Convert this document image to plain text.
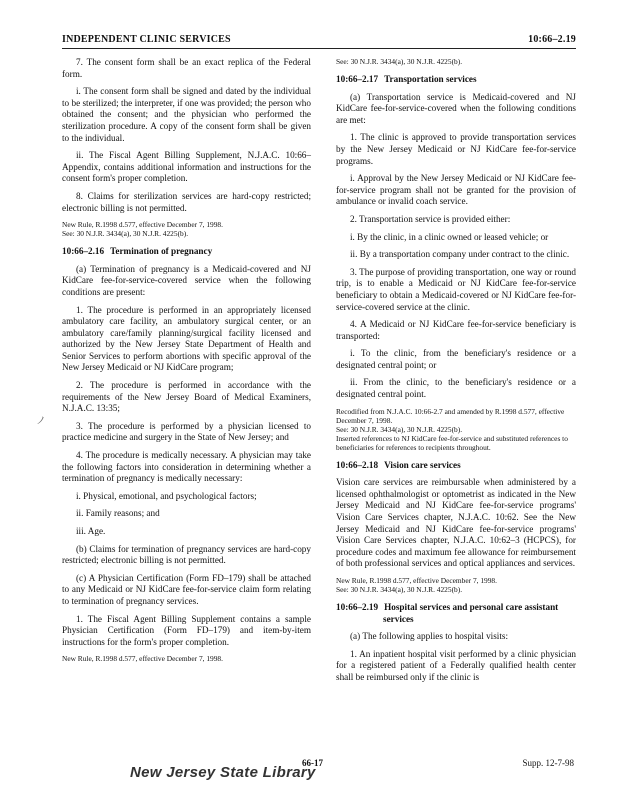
INDEPENDENT CLINIC SERVICES	10:66–2.19

7. The consent form shall be an exact replica of the Federal form.

i. The consent form shall be signed and dated by the individual to be sterilized; the interpreter, if one was provided; the person who obtained the consent; and the physician who performed the sterilization procedure. A copy of the consent form shall be given to the individual.

ii. The Fiscal Agent Billing Supplement, N.J.A.C. 10:66–Appendix, contains additional information and instructions for the consent form's proper completion.

8. Claims for sterilization services are hard-copy restricted; electronic billing is not permitted.

New Rule, R.1998 d.577, effective December 7, 1998.
See: 30 N.J.R. 3434(a), 30 N.J.R. 4225(b).
10:66–2.16 Termination of pregnancy

(a) Termination of pregnancy is a Medicaid-covered and NJ KidCare fee-for-service-covered service when the following conditions are present:

1. The procedure is performed in an appropriately licensed ambulatory care facility, an ambulatory surgical center, or an ambulatory care/family planning/surgical facility licensed and authorized by the New Jersey State Department of Health and Senior Services to perform abortions with specific approval of the New Jersey Medicaid or NJ KidCare program;

2. The procedure is performed in accordance with the requirements of the New Jersey Board of Medical Examiners, N.J.A.C. 13:35;

3. The procedure is performed by a physician licensed to practice medicine and surgery in the State of New Jersey; and

4. The procedure is medically necessary. A physician may take the following factors into consideration in determining whether a termination of pregnancy is medically necessary:

i. Physical, emotional, and psychological factors;

ii. Family reasons; and

iii. Age.

(b) Claims for termination of pregnancy services are hard-copy restricted; electronic billing is not permitted.

(c) A Physician Certification (Form FD–179) shall be attached to any Medicaid or NJ KidCare fee-for-service claim form relating to termination of pregnancy services.

1. The Fiscal Agent Billing Supplement contains a sample Physician Certification (Form FD–179) and item-by-item instructions for the form's proper completion.

New Rule, R.1998 d.577, effective December 7, 1998.
See: 30 N.J.R. 3434(a), 30 N.J.R. 4225(b).
10:66–2.17 Transportation services

(a) Transportation service is Medicaid-covered and NJ KidCare fee-for-service-covered when the following conditions are met:

1. The clinic is approved to provide transportation services by the New Jersey Medicaid or NJ KidCare fee-for-service programs.

i. Approval by the New Jersey Medicaid or NJ KidCare fee-for-service program shall not be granted for the provision of ambulance or invalid coach service.

2. Transportation service is provided either:

i. By the clinic, in a clinic owned or leased vehicle; or

ii. By a transportation company under contract to the clinic.

3. The purpose of providing transportation, one way or round trip, is to enable a Medicaid or NJ KidCare fee-for-service beneficiary to obtain a Medicaid-covered or NJ KidCare fee-for-service-covered service at the clinic.

4. A Medicaid or NJ KidCare fee-for-service beneficiary is transported:

i. To the clinic, from the beneficiary's residence or a designated central point; or

ii. From the clinic, to the beneficiary's residence or a designated central point.

Recodified from N.J.A.C. 10:66-2.7 and amended by R.1998 d.577, effective December 7, 1998.
See: 30 N.J.R. 3434(a), 30 N.J.R. 4225(b).
Inserted references to NJ KidCare fee-for-service and substituted references to beneficiaries for references to recipients throughout.
10:66–2.18 Vision care services

Vision care services are reimbursable when administered by a licensed ophthalmologist or optometrist as indicated in the New Jersey Medicaid and NJ KidCare fee-for-service programs' Vision Care Services chapter, N.J.A.C. 10:62. See the New Jersey Medicaid and NJ KidCare fee-for-service programs' Vision Care Services chapter, N.J.A.C. 10:62–3 (HCPCS), for procedure codes and maximum fee allowance for reimbursement of both professional services and optical appliances and services.

New Rule, R.1998 d.577, effective December 7, 1998.
See: 30 N.J.R. 3434(a), 30 N.J.R. 4225(b).
10:66–2.19 Hospital services and personal care assistant services

(a) The following applies to hospital visits:

1. An inpatient hospital visit performed by a clinic physician for a registered patient of a Federally qualified health center shall be reimbursed only if the clinic is

ノ
66-17	Supp. 12-7-98
New Jersey State Library
